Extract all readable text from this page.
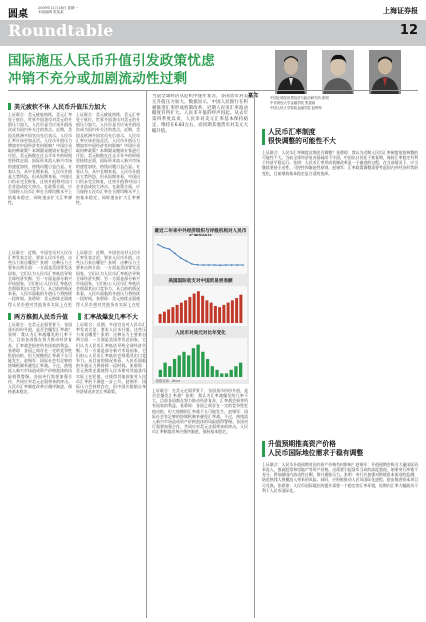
圆桌
2009年11月16日 星期一
本版编辑 张某某	上海证券报
Roundtable	12
国际施压人民币升值引发政策忧虑
冲销不充分或加剧流动性过剩
嘉宾	中国社科院世界经济与政治研究所 张明
中央财经大学金融学院 张碧琼
中国人民大学财政金融学院 赵锡军
美元疲软不休 人民币升值压力加大
上证联合：美元疲软持续，美元汇率处于低位，世界多国货币对美元的升值压力加大，人民币是否应该升值再次成为国内外关注的焦点。近期，美国及欧洲多国官员先后表示，人民币汇率应该更加灵活。人民币升值压力增加对中国经济有何影响？中国应采取何种政策？本期圆桌邀请专家进行讨论。美元指数在过去半年多的时间里持续走弱，国际资本流入新兴市场的速度加快，热钱问题日益凸显。专家认为，从中长期来看，人民币升值是大势所趋，但从短期来看，中国出口仍未完全恢复，过快升值将对出口企业造成较大冲击。在政策方面，应当保持人民币汇率在合理均衡水平上的基本稳定，同时逐步扩大汇率弹性。
上证联合：美元疲软持续，美元汇率处于低位，世界多国货币对美元的升值压力加大，人民币是否应该升值再次成为国内外关注的焦点。近期，美国及欧洲多国官员先后表示，人民币汇率应该更加灵活。人民币升值压力增加对中国经济有何影响？中国应采取何种政策？本期圆桌邀请专家进行讨论。美元指数在过去半年多的时间里持续走弱，国际资本流入新兴市场的速度加快，热钱问题日益凸显。专家认为，从中长期来看，人民币升值是大势所趋，但从短期来看，中国出口仍未完全恢复，过快升值将对出口企业造成较大冲击。在政策方面，应当保持人民币汇率在合理均衡水平上的基本稳定，同时逐步扩大汇率弹性。
上证联合：近期，多国官员对人民币汇率发表言论，要求人民币升值。这些压力来自哪里？张明：这种压力主要来自两方面：一方面是美国等发达国家，它们认为人民币汇率低估导致全球经济失衡；另一方面是部分新兴市场国家，它们担心人民币汇率低估会削弱其出口竞争力。从目前的情况来看，人民币面临的升值压力将持续一段时间。张碧琼：美元持续走弱使得人民币相对其他货币实际上在贬
上证联合：近期，多国官员对人民币汇率发表言论，要求人民币升值。这些压力来自哪里？张明：这种压力主要来自两方面：一方面是美国等发达国家，它们认为人民币汇率低估导致全球经济失衡；另一方面是部分新兴市场国家，它们担心人民币汇率低估会削弱其出口竞争力。从目前的情况来看，人民币面临的升值压力将持续一段时间。张碧琼：美元持续走弱使得人民币相对其他货币实际上在贬
两方推拥人民币升值	汇率战爆发几率不大
上证联合：在美元走弱背景下，各国货币纷纷升值，是否会爆发汇率战？张明：我认为汇率战爆发的几率不大。目前各国都在努力推动经济复苏，汇率战会损害所有国家的利益。张碧琼：各国之间存在一定的竞争性贬值动机，但大规模的汇率战不太可能发生。赵锡军：国际社会有足够的协调机制来避免汇率战。不过，热钱流入新兴市场造成资产价格泡沫的风险值得警惕。各国央行需要加强合作，共同应对美元走弱带来的冲击。人民币汇率制度改革应循序渐进，保持基本稳定。
上证联合：近期，多国官员对人民币汇率发表言论，要求人民币升值。这些压力来自哪里？张明：这种压力主要来自两方面：一方面是美国等发达国家，它们认为人民币汇率低估导致全球经济失衡；另一方面是部分新兴市场国家，它们担心人民币汇率低估会削弱其出口竞争力。从目前的情况来看，人民币面临的升值压力将持续一段时间。张碧琼：美元持续走弱使得人民币相对其他货币实际上在贬值，这使得其他国家对人民币汇率的不满进一步上升。赵锡军：国际压力会持续存在，但中国应根据自身经济情况决定汇率政策。
当前全球经济从危机中逐步复苏，多国货币对美元升值压力加大。数据显示，中国人民银行在积极推进汇率形成机制改革，近期人民币汇率波动幅度有所扩大。人民币升值的呼声再起。从去年第四季度以来，人民币对美元汇率基本保持稳定，维持在6.83左右。而同期其他货币对美元大幅升值。
最近二年来中外经济组织与评级机构对人民币
美国国际收支对中国贸易逆差额
人民币对美元对比年变化
数据来源：Wind
上证联合：在美元走弱背景下，各国货币纷纷升值，是否会爆发汇率战？张明：我认为汇率战爆发的几率不大。目前各国都在努力推动经济复苏，汇率战会损害所有国家的利益。张碧琼：各国之间存在一定的竞争性贬值动机，但大规模的汇率战不太可能发生。赵锡军：国际社会有足够的协调机制来避免汇率战。不过，热钱流入新兴市场造成资产价格泡沫的风险值得警惕。各国央行需要加强合作，共同应对美元走弱带来的冲击。人民币汇率制度改革应循序渐进，保持基本稳定。
人民币汇率制度
很快调整的可能性不大
上证联合：人民币汇率制度近期会否调整？张碧琼：我认为近期人民币汇率制度很快调整的可能性不大。当前全球经济复苏基础尚不牢固，中国出口仍处于恢复期，保持汇率稳定有利于经济平稳运行。张明：人民币汇率形成机制改革是一个渐进的过程，在当前情况下，应当继续坚持主动性、可控性和渐进性原则。赵锡军：汇率政策调整需要考虑国内外经济形势的变化，目前维持基本稳定是合适的选择。
升值预期推高资产价格
人民币国际地位需求于稳有调整
上证联合：人民币升值预期对国内资产价格有何影响？赵锡军：升值预期会吸引大量国际资本流入，推高股票和房地产等资产价格。这需要引起货币当局的高度重视。如果央行冲销不充分，将加剧国内流动性过剩，推升通胀压力。张明：央行应加强对跨境资本流动的监测，防范热钱大规模流入带来的风险。同时，应积极推动人民币国际化进程，稳步推进资本项目可兑换。张碧琼：人民币国际地位的提升需要一个稳定的汇率环境，短期内汇率大幅波动不利于人民币国际化。
